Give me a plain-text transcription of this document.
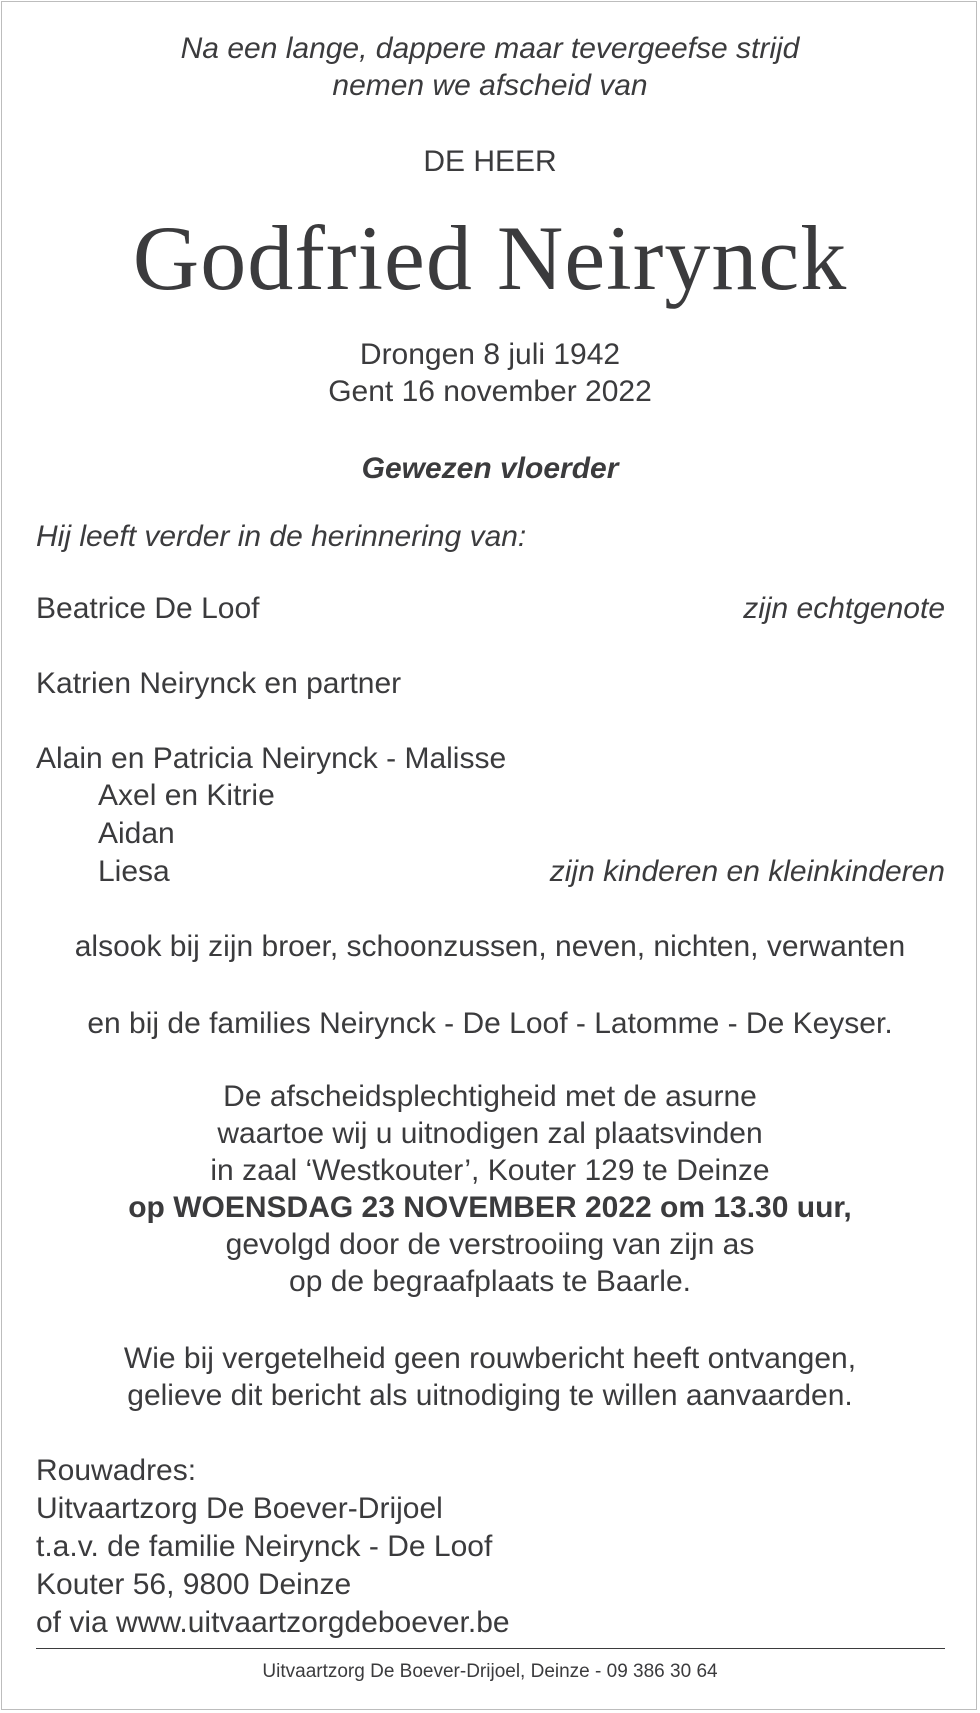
Na een lange, dappere maar tevergeefse strijd
nemen we afscheid van
DE HEER
Godfried Neirynck
Drongen 8 juli 1942
Gent 16 november 2022
Gewezen vloerder
Hij leeft verder in de herinnering van:
Beatrice De Loof	zijn echtgenote
Katrien Neirynck en partner
Alain en Patricia Neirynck - Malisse
Axel en Kitrie
Aidan
Liesa	zijn kinderen en kleinkinderen
alsook bij zijn broer, schoonzussen, neven, nichten, verwanten
en bij de families Neirynck - De Loof - Latomme - De Keyser.
De afscheidsplechtigheid met de asurne
waartoe wij u uitnodigen zal plaatsvinden
in zaal ‘Westkouter’, Kouter 129 te Deinze
op WOENSDAG 23 NOVEMBER 2022 om 13.30 uur,
gevolgd door de verstrooiing van zijn as
op de begraafplaats te Baarle.
Wie bij vergetelheid geen rouwbericht heeft ontvangen,
gelieve dit bericht als uitnodiging te willen aanvaarden.
Rouwadres:
Uitvaartzorg De Boever-Drijoel
t.a.v. de familie Neirynck - De Loof
Kouter 56, 9800 Deinze
of via www.uitvaartzorgdeboever.be
Uitvaartzorg De Boever-Drijoel, Deinze - 09 386 30 64
